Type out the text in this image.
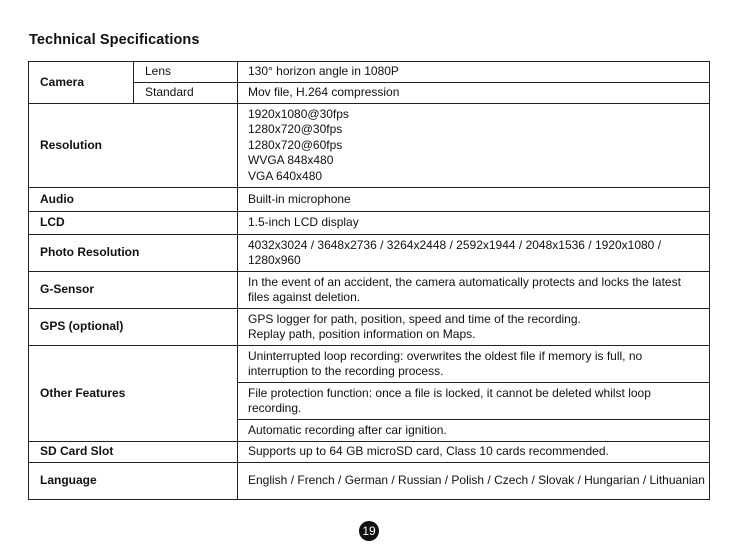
Technical Specifications
Camera	Lens	130° horizon angle in 1080P
	Standard	Mov file, H.264 compression
Resolution		1920x1080@30fps
1280x720@30fps
1280x720@60fps
WVGA 848x480
VGA 640x480

Audio		Built-in microphone
LCD		1.5-inch LCD display
Photo Resolution		4032x3024 / 3648x2736 / 3264x2448 / 2592x1944 / 2048x1536 / 1920x1080 / 1280x960
G-Sensor		In the event of an accident, the camera automatically protects and locks the latest files against deletion.
GPS (optional)		GPS logger for path, position, speed and time of the recording.
Replay path, position information on Maps.

Other Features		Uninterrupted loop recording: overwrites the oldest file if memory is full, no interruption to the recording process.
		File protection function: once a file is locked, it cannot be deleted whilst loop recording.
		Automatic recording after car ignition.
SD Card Slot		Supports up to 64 GB microSD card, Class 10 cards recommended.
Language		English / French / German / Russian / Polish / Czech / Slovak / Hungarian / Lithuanian
19
